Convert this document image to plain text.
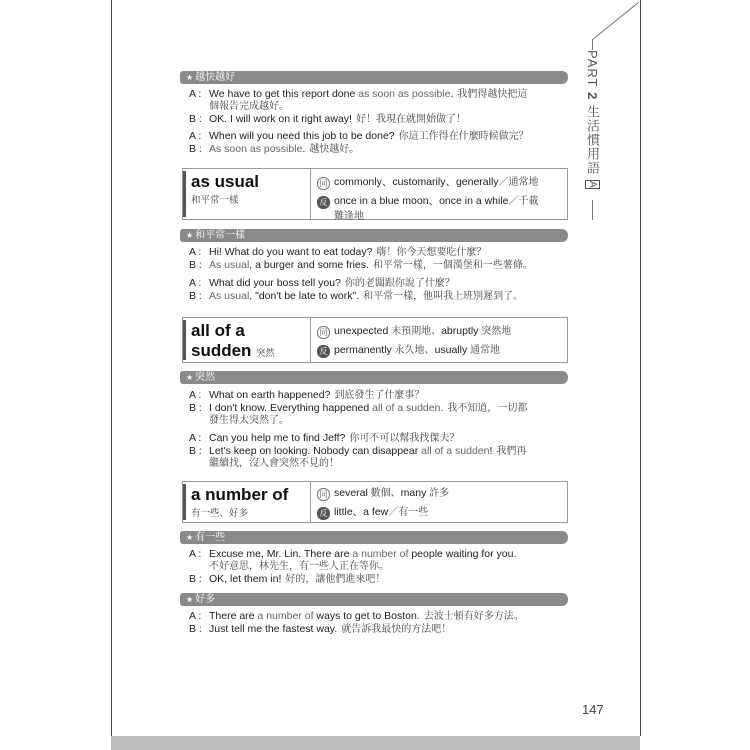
PART 2 生活慣用語 A
★ 越快越好
A : We have to get this report done as soon as possible. 我們得越快把這
個報告完成越好。
B : OK. I will work on it right away! 好！我現在就開始做了！
A : When will you need this job to be done? 你這工作得在什麼時候做完？
B : As soon as possible. 越快越好。
as usual
和平常一樣
同 commonly、customarily、generally／通常地
反 once in a blue moon、once in a while／千載
難逢地
★ 和平常一樣
A : Hi! What do you want to eat today? 嗨！你今天想要吃什麼？
B : As usual, a burger and some fries. 和平常一樣，一個漢堡和一些薯條。
A : What did your boss tell you? 你的老闆跟你說了什麼？
B : As usual, "don't be late to work". 和平常一樣，他叫我上班別遲到了。
all of a
sudden 突然
同 unexpected 未預期地、abruptly 突然地
反 permanently 永久地、usually 通常地
★ 突然
A : What on earth happened? 到底發生了什麼事？
B : I don't know. Everything happened all of a sudden. 我不知道，一切都
發生得太突然了。
A : Can you help me to find Jeff? 你可不可以幫我找傑夫？
B : Let's keep on looking. Nobody can disappear all of a sudden! 我們再
繼續找，沒人會突然不見的！
a number of
有一些、好多
同 several 數個、many 許多
反 little、a few／有一些
★ 有一些
A : Excuse me, Mr. Lin. There are a number of people waiting for you.
不好意思，林先生，有一些人正在等你。
B : OK, let them in! 好的，讓他們進來吧！
★ 好多
A : There are a number of ways to get to Boston. 去波士頓有好多方法。
B : Just tell me the fastest way. 就告訴我最快的方法吧！
147
